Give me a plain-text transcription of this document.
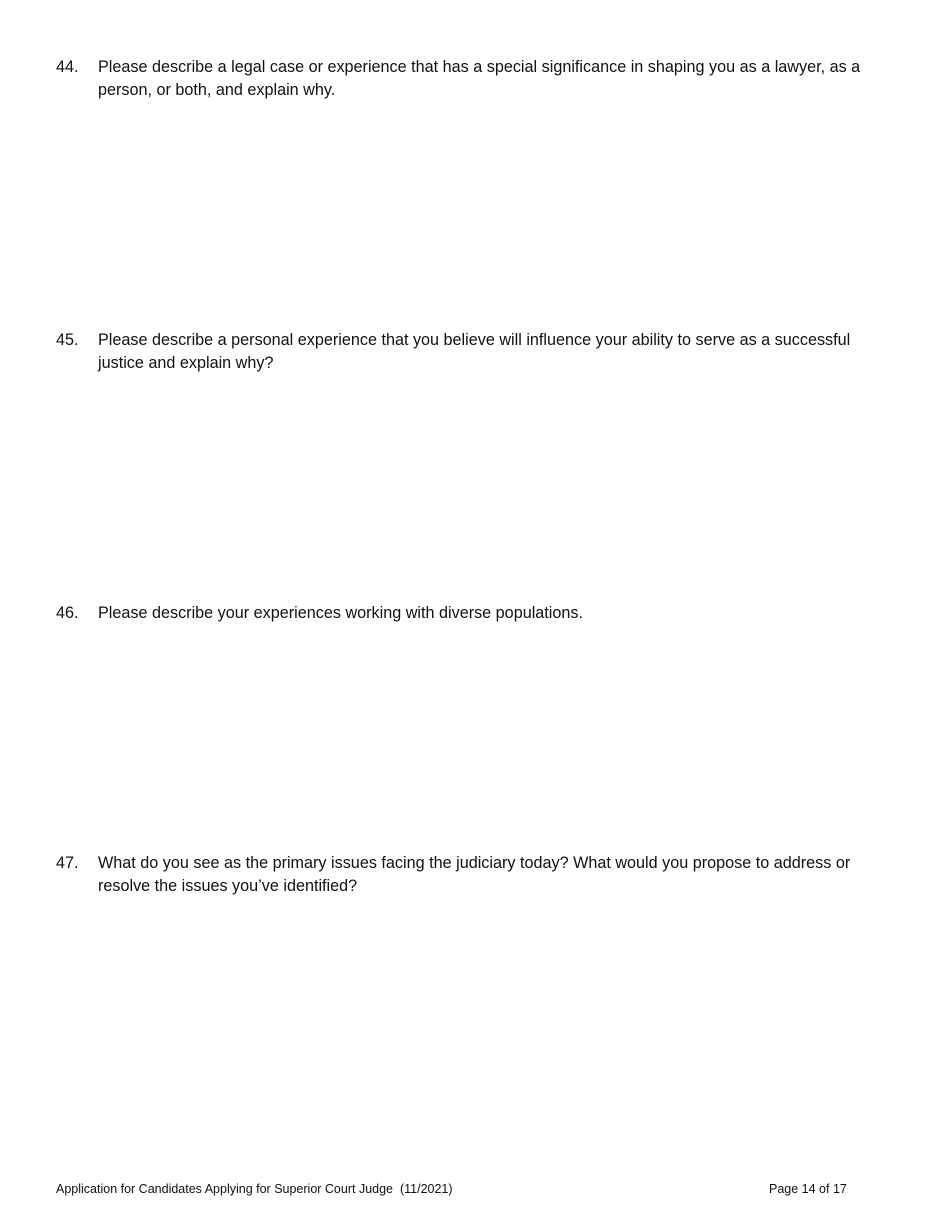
44.	Please describe a legal case or experience that has a special significance in shaping you as a lawyer, as a person, or both, and explain why.
45.	Please describe a personal experience that you believe will influence your ability to serve as a successful justice and explain why?
46.	Please describe your experiences working with diverse populations.
47.	What do you see as the primary issues facing the judiciary today? What would you propose to address or resolve the issues you’ve identified?
Application for Candidates Applying for Superior Court Judge  (11/2021)	Page 14 of 17
